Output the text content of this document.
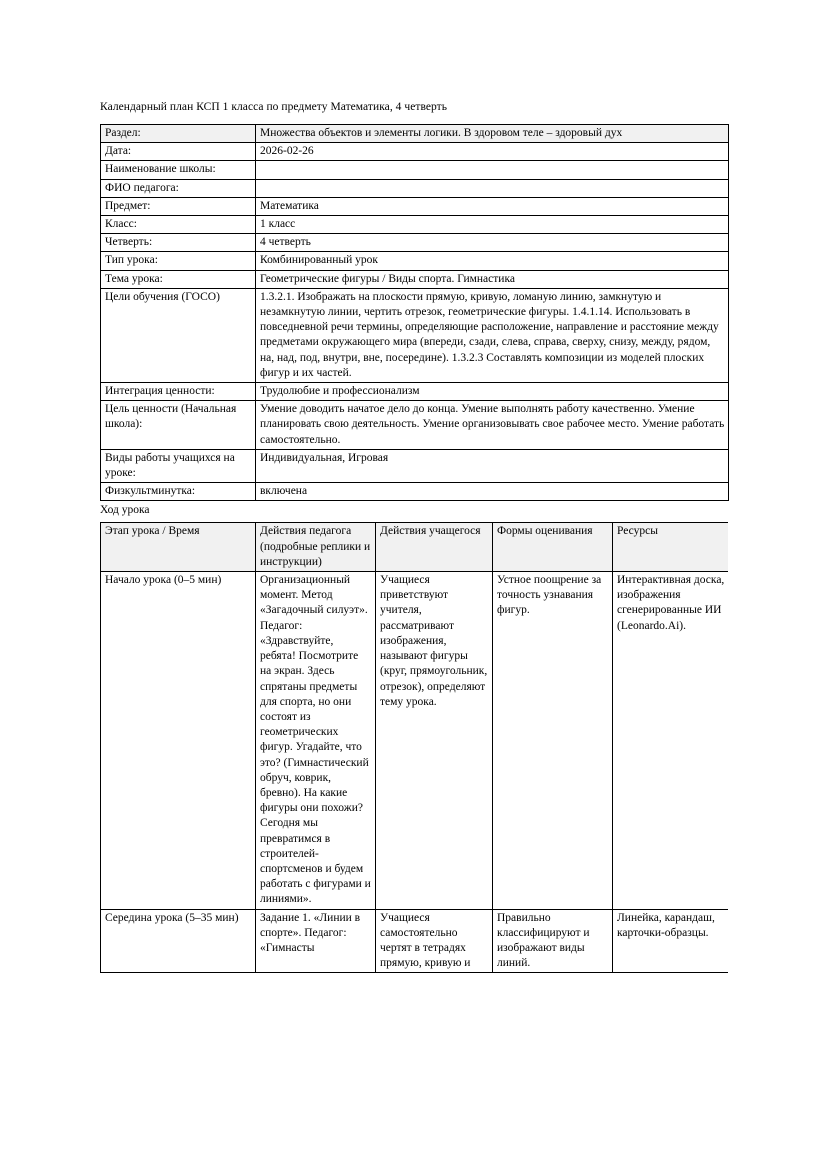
Календарный план КСП 1 класса по предмету Математика, 4 четверть

Раздел:	Множества объектов и элементы логики. В здоровом теле – здоровый дух
Дата:	2026-02-26
Наименование школы:	
ФИО педагога:	
Предмет:	Математика
Класс:	1 класс
Четверть:	4 четверть
Тип урока:	Комбинированный урок
Тема урока:	Геометрические фигуры / Виды спорта. Гимнастика
Цели обучения (ГОСО)	1.3.2.1. Изображать на плоскости прямую, кривую, ломаную линию, замкнутую и незамкнутую линии, чертить отрезок, геометрические фигуры. 1.4.1.14. Использовать в повседневной речи термины, определяющие расположение, направление и расстояние между предметами окружающего мира (впереди, сзади, слева, справа, сверху, снизу, между, рядом, на, над, под, внутри, вне, посередине). 1.3.2.3 Составлять композиции из моделей плоских фигур и их частей.
Интеграция ценности:	Трудолюбие и профессионализм
Цель ценности (Начальная школа):	Умение доводить начатое дело до конца. Умение выполнять работу качественно. Умение планировать свою деятельность. Умение организовывать свое рабочее место. Умение работать самостоятельно.
Виды работы учащихся на уроке:	Индивидуальная, Игровая
Физкультминутка:	включена

Ход урока

Этап урока / Время	Действия педагога (подробные реплики и инструкции)	Действия учащегося	Формы оценивания	Ресурсы
Начало урока (0–5 мин)	Организационный момент. Метод «Загадочный силуэт». Педагог: «Здравствуйте, ребята! Посмотрите на экран. Здесь спрятаны предметы для спорта, но они состоят из геометрических фигур. Угадайте, что это? (Гимнастический обруч, коврик, бревно). На какие фигуры они похожи? Сегодня мы превратимся в строителей-спортсменов и будем работать с фигурами и линиями».	Учащиеся приветствуют учителя, рассматривают изображения, называют фигуры (круг, прямоугольник, отрезок), определяют тему урока.	Устное поощрение за точность узнавания фигур.	Интерактивная доска, изображения сгенерированные ИИ (Leonardo.Ai).
Середина урока (5–35 мин)	Задание 1. «Линии в спорте». Педагог: «Гимнасты	Учащиеся самостоятельно чертят в тетрадях прямую, кривую и	Правильно классифицируют и изображают виды линий.	Линейка, карандаш, карточки-образцы.
